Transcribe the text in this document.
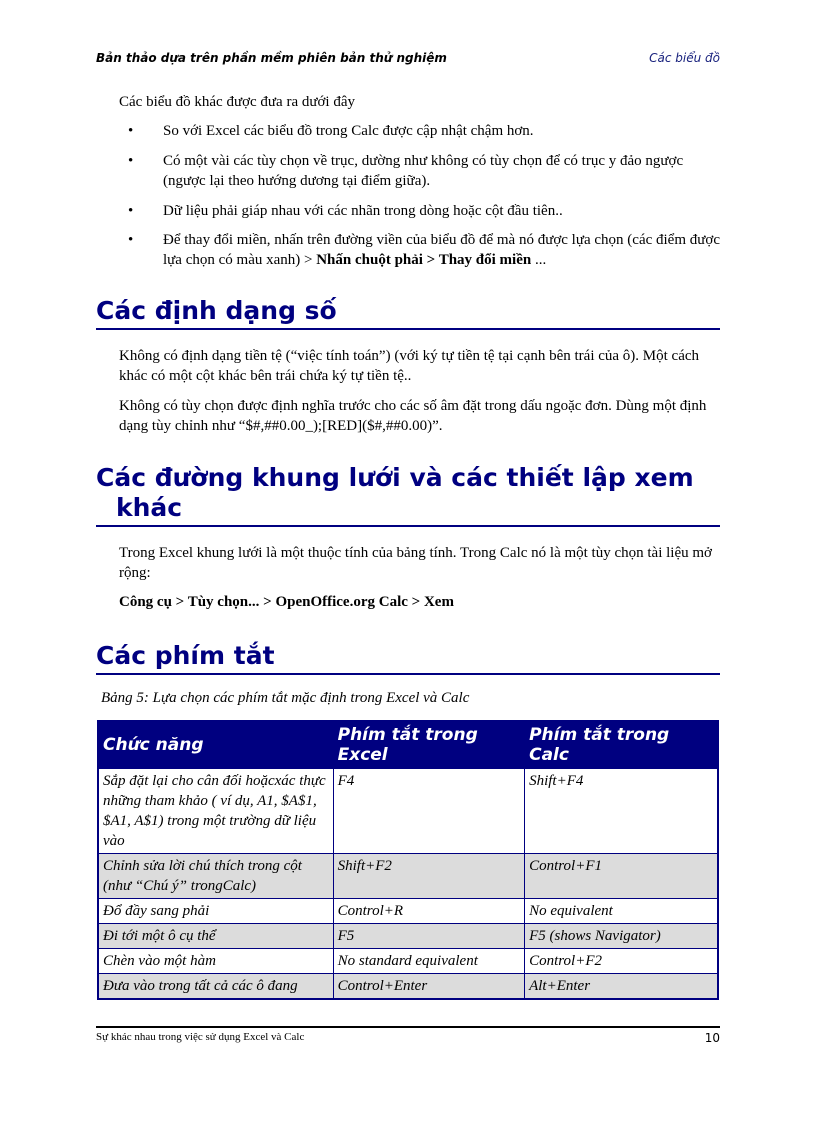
Bản thảo dựa trên phần mềm phiên bản thử nghiệm	Các biểu đồ
Các biểu đồ khác được đưa ra dưới đây
•	So với Excel các biểu đồ trong Calc được cập nhật chậm hơn.
•	Có một vài các tùy chọn về trục, dường như không có tùy chọn để có trục y đảo ngược (ngược lại theo hướng dương tại điểm giữa).
•	Dữ liệu phải giáp nhau với các nhãn trong dòng hoặc cột đầu tiên..
•	Để thay đổi miền, nhấn trên đường viền của biểu đồ để mà nó được lựa chọn (các điểm được lựa chọn có màu xanh) > Nhấn chuột phải > Thay đổi miền ...
Các định dạng số
Không có định dạng tiền tệ (“việc tính toán”) (với ký tự tiền tệ tại cạnh bên trái của ô). Một cách khác có một cột khác bên trái chứa ký tự tiền tệ..
Không có tùy chọn được định nghĩa trước cho các số âm đặt trong dấu ngoặc đơn. Dùng một định dạng tùy chỉnh như “$#,##0.00_);[RED]($#,##0.00)”.
Các đường khung lưới và các thiết lập xem
khác
Trong Excel khung lưới là một thuộc tính của bảng tính. Trong Calc nó là một tùy chọn tài liệu mở rộng:
Công cụ > Tùy chọn... > OpenOffice.org Calc > Xem
Các phím tắt
Bảng 5: Lựa chọn các phím tắt mặc định trong Excel và Calc
Chức năng	Phím tắt trong Excel	Phím tắt trong Calc
Sắp đặt lại cho cân đối hoặcxác thực những tham khảo ( ví dụ, A1, $A$1, $A1, A$1) trong một trường dữ liệu vào	F4	Shift+F4
Chỉnh sửa lời chú thích trong cột (như “Chú ý” trongCalc)	Shift+F2	Control+F1
Đổ đầy sang phải	Control+R	No equivalent
Đi tới một ô cụ thể	F5	F5 (shows Navigator)
Chèn vào một hàm	No standard equivalent	Control+F2
Đưa vào trong tất cả các ô đang	Control+Enter	Alt+Enter
Sự khác nhau trong việc sử dụng Excel và Calc	10
